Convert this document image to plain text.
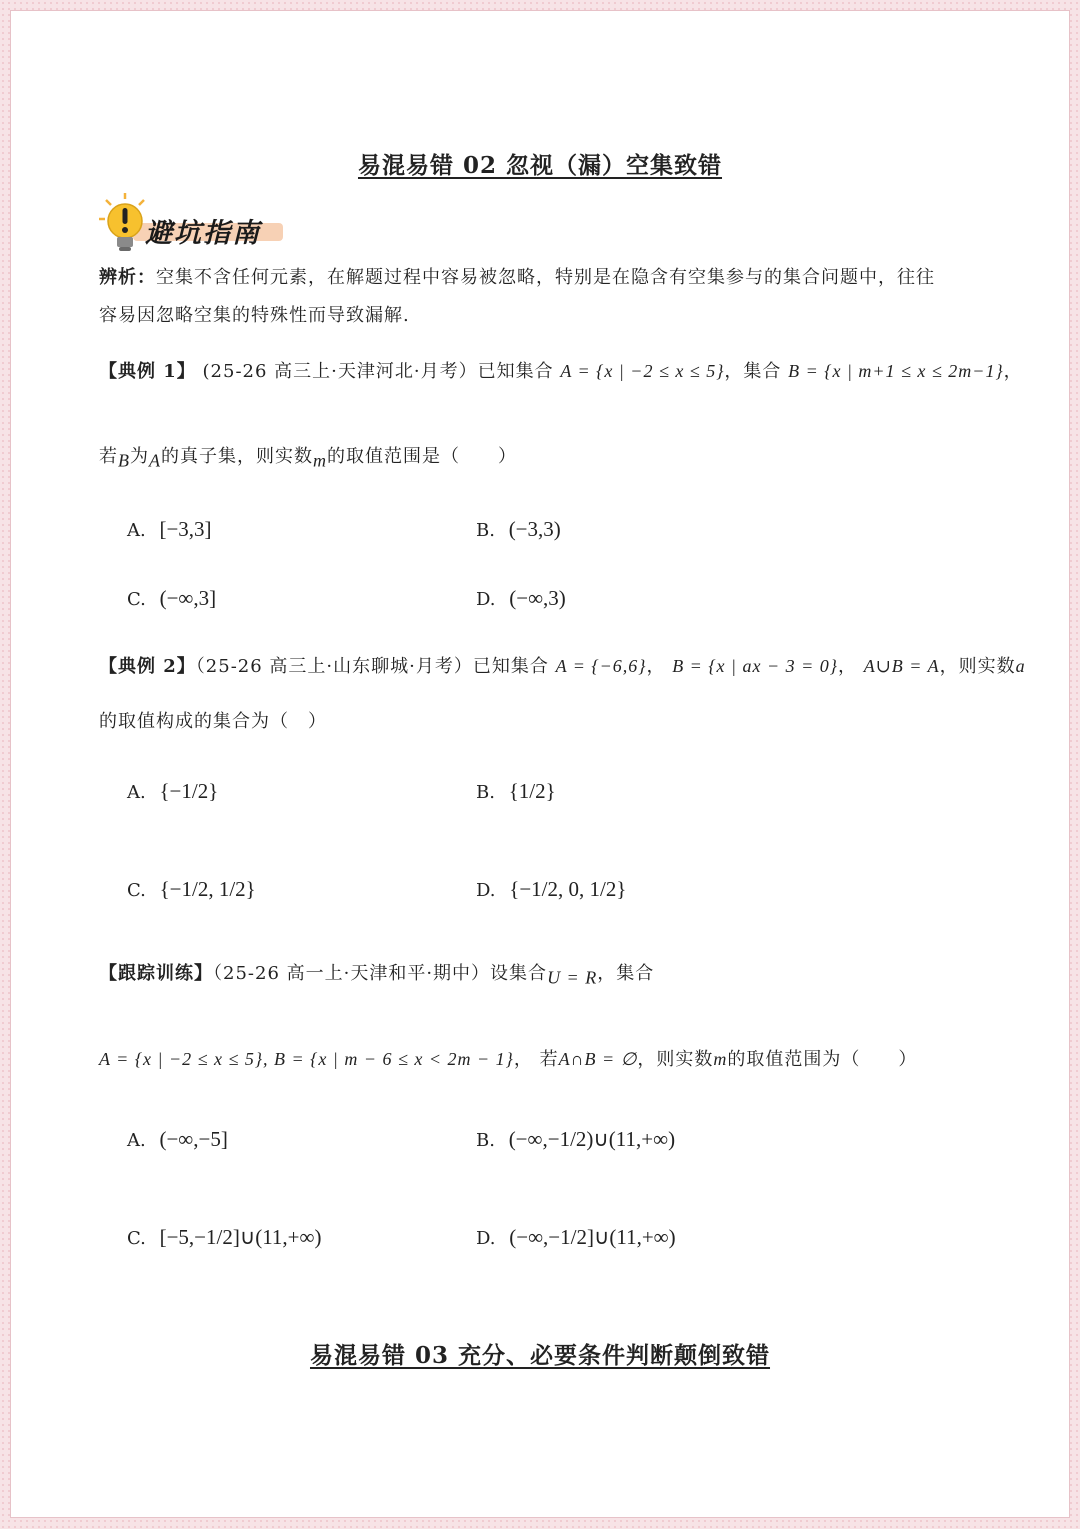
易混易错 02 忽视（漏）空集致错
避坑指南
辨析：空集不含任何元素，在解题过程中容易被忽略，特别是在隐含有空集参与的集合问题中，往往
容易因忽略空集的特殊性而导致漏解.
【典例 1】 (25-26 高三上·天津河北·月考）已知集合 A = {x | −2 ≤ x ≤ 5}，集合 B = {x | m+1 ≤ x ≤ 2m−1}，
若$_B$为$_A$的真子集，则实数$_m$的取值范围是（　　）
A. [−3,3]	B. (−3,3)
C. (−∞,3]	D. (−∞,3)
【典例 2】（25-26 高三上·山东聊城·月考）已知集合 A = {−6,6}， B = {x | ax − 3 = 0}， A∪B = A，则实数a
的取值构成的集合为（　）
A. {−1/2}	B. {1/2}
C. {−1/2, 1/2}	D. {−1/2, 0, 1/2}
【跟踪训练】（25-26 高一上·天津和平·期中）设集合$_{U = R}$，集合
A = {x | −2 ≤ x ≤ 5}, B = {x | m − 6 ≤ x < 2m − 1}， 若A∩B = ∅，则实数m的取值范围为（　　）
A. (−∞,−5]	B. (−∞,−1/2)∪(11,+∞)
C. [−5,−1/2]∪(11,+∞)	D. (−∞,−1/2]∪(11,+∞)
易混易错 03 充分、必要条件判断颠倒致错
